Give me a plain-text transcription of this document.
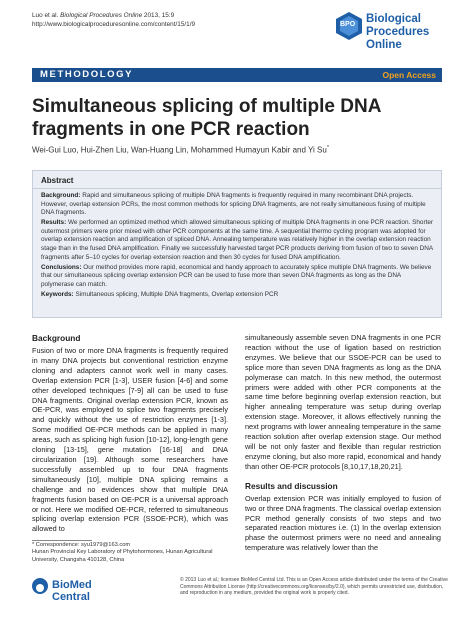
Luo et al. Biological Procedures Online 2013, 15:9
http://www.biologicalproceduresonline.com/content/15/1/9	BPO Biological Procedures
Online
METHODOLOGY	Open Access
Simultaneous splicing of multiple DNA fragments in one PCR reaction
Wei-Gui Luo, Hui-Zhen Liu, Wan-Huang Lin, Mohammed Humayun Kabir and Yi Su*
Abstract

Background: Rapid and simultaneous splicing of multiple DNA fragments is frequently required in many recombinant DNA projects. However, overlap extension PCRs, the most common methods for splicing DNA fragments, are not really simultaneous fusing of multiple DNA fragments.

Results: We performed an optimized method which allowed simultaneous splicing of multiple DNA fragments in one PCR reaction. Shorter outermost primers were prior mixed with other PCR components at the same time. A sequential thermo cycling program was adopted for overlap extension reaction and amplification of spliced DNA. Annealing temperature was relatively higher in the overlap extension reaction stage than in the fused DNA amplification. Finally we successfully harvested target PCR products deriving from fusion of two to seven DNA fragments after 5–10 cycles for overlap extension reaction and then 30 cycles for fused DNA amplification.

Conclusions: Our method provides more rapid, economical and handy approach to accurately splice multiple DNA fragments. We believe that our simultaneous splicing overlap extension PCR can be used to fuse more than seven DNA fragments as long as the DNA polymerase can match.

Keywords: Simultaneous splicing, Multiple DNA fragments, Overlap extension PCR

Background

Fusion of two or more DNA fragments is frequently required in many DNA projects but conventional restriction enzyme cloning and adapters cannot work well in many cases. Overlap extension PCR [1-3], USER fusion [4-6] and some other developed techniques [7-9] all can be used to fuse DNA fragments. Original overlap extension PCR, known as OE-PCR, was employed to splice two fragments precisely and quickly without the use of restriction enzymes [1-3]. Some modified OE-PCR methods can be applied in many areas, such as splicing high fusion [10-12], long-length gene cloning [13-15], gene mutation [16-18] and DNA circularization [19]. Although some researchers have successfully assembled up to four DNA fragments simultaneously [10], multiple DNA splicing remains a challenge and no evidences show that multiple DNA fragments fusion based on OE-PCR is a universal approach or not. Here we modified OE-PCR, referred to simultaneous splicing overlap extension PCR (SSOE-PCR), which was allowed to

simultaneously assemble seven DNA fragments in one PCR reaction without the use of ligation based on restriction enzymes. We believe that our SSOE-PCR can be used to splice more than seven DNA fragments as long as the DNA polymerase can match. In this new method, the outermost primers were added with other PCR components at the same time before beginning overlap extension reaction, but higher annealing temperature was setup during overlap extension stage. Moreover, it allows effectively running the next programs with lower annealing temperature in the same reaction solution after overlap extension stage. Our method will be not only faster and flexible than regular restriction enzyme cloning, but also more rapid, economical and handy than other OE-PCR protocols [8,10,17,18,20,21].

Results and discussion

Overlap extension PCR was initially employed to fusion of two or three DNA fragments. The classical overlap extension PCR method generally consists of two steps and two separated reaction mixtures i.e. (1) In the overlap extension phase the outermost primers were no need and annealing temperature was relatively lower than the

* Correspondence: syu1979@163.com
Hunan Provincial Key Laboratory of Phytohormones, Hunan Agricultural University, Changsha 410128, China
BioMed Central
© 2013 Luo et al.; licensee BioMed Central Ltd. This is an Open Access article distributed under the terms of the Creative Commons Attribution License (http://creativecommons.org/licenses/by/2.0), which permits unrestricted use, distribution, and reproduction in any medium, provided the original work is properly cited.
